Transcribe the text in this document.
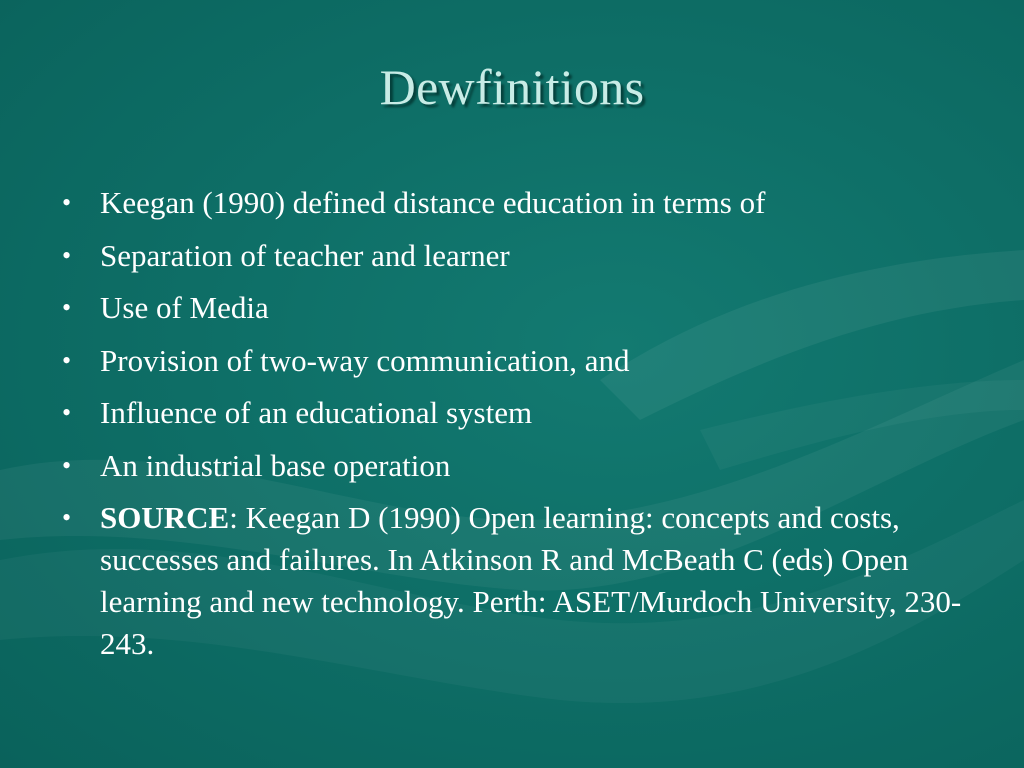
Dewfinitions
• Keegan (1990) defined distance education in terms of
• Separation of teacher and learner
• Use of Media
• Provision of two-way communication, and
• Influence of an educational system
• An industrial base operation
• SOURCE: Keegan D (1990) Open learning: concepts and costs, successes and failures. In Atkinson R and McBeath C (eds) Open learning and new technology. Perth: ASET/Murdoch University, 230-243.
